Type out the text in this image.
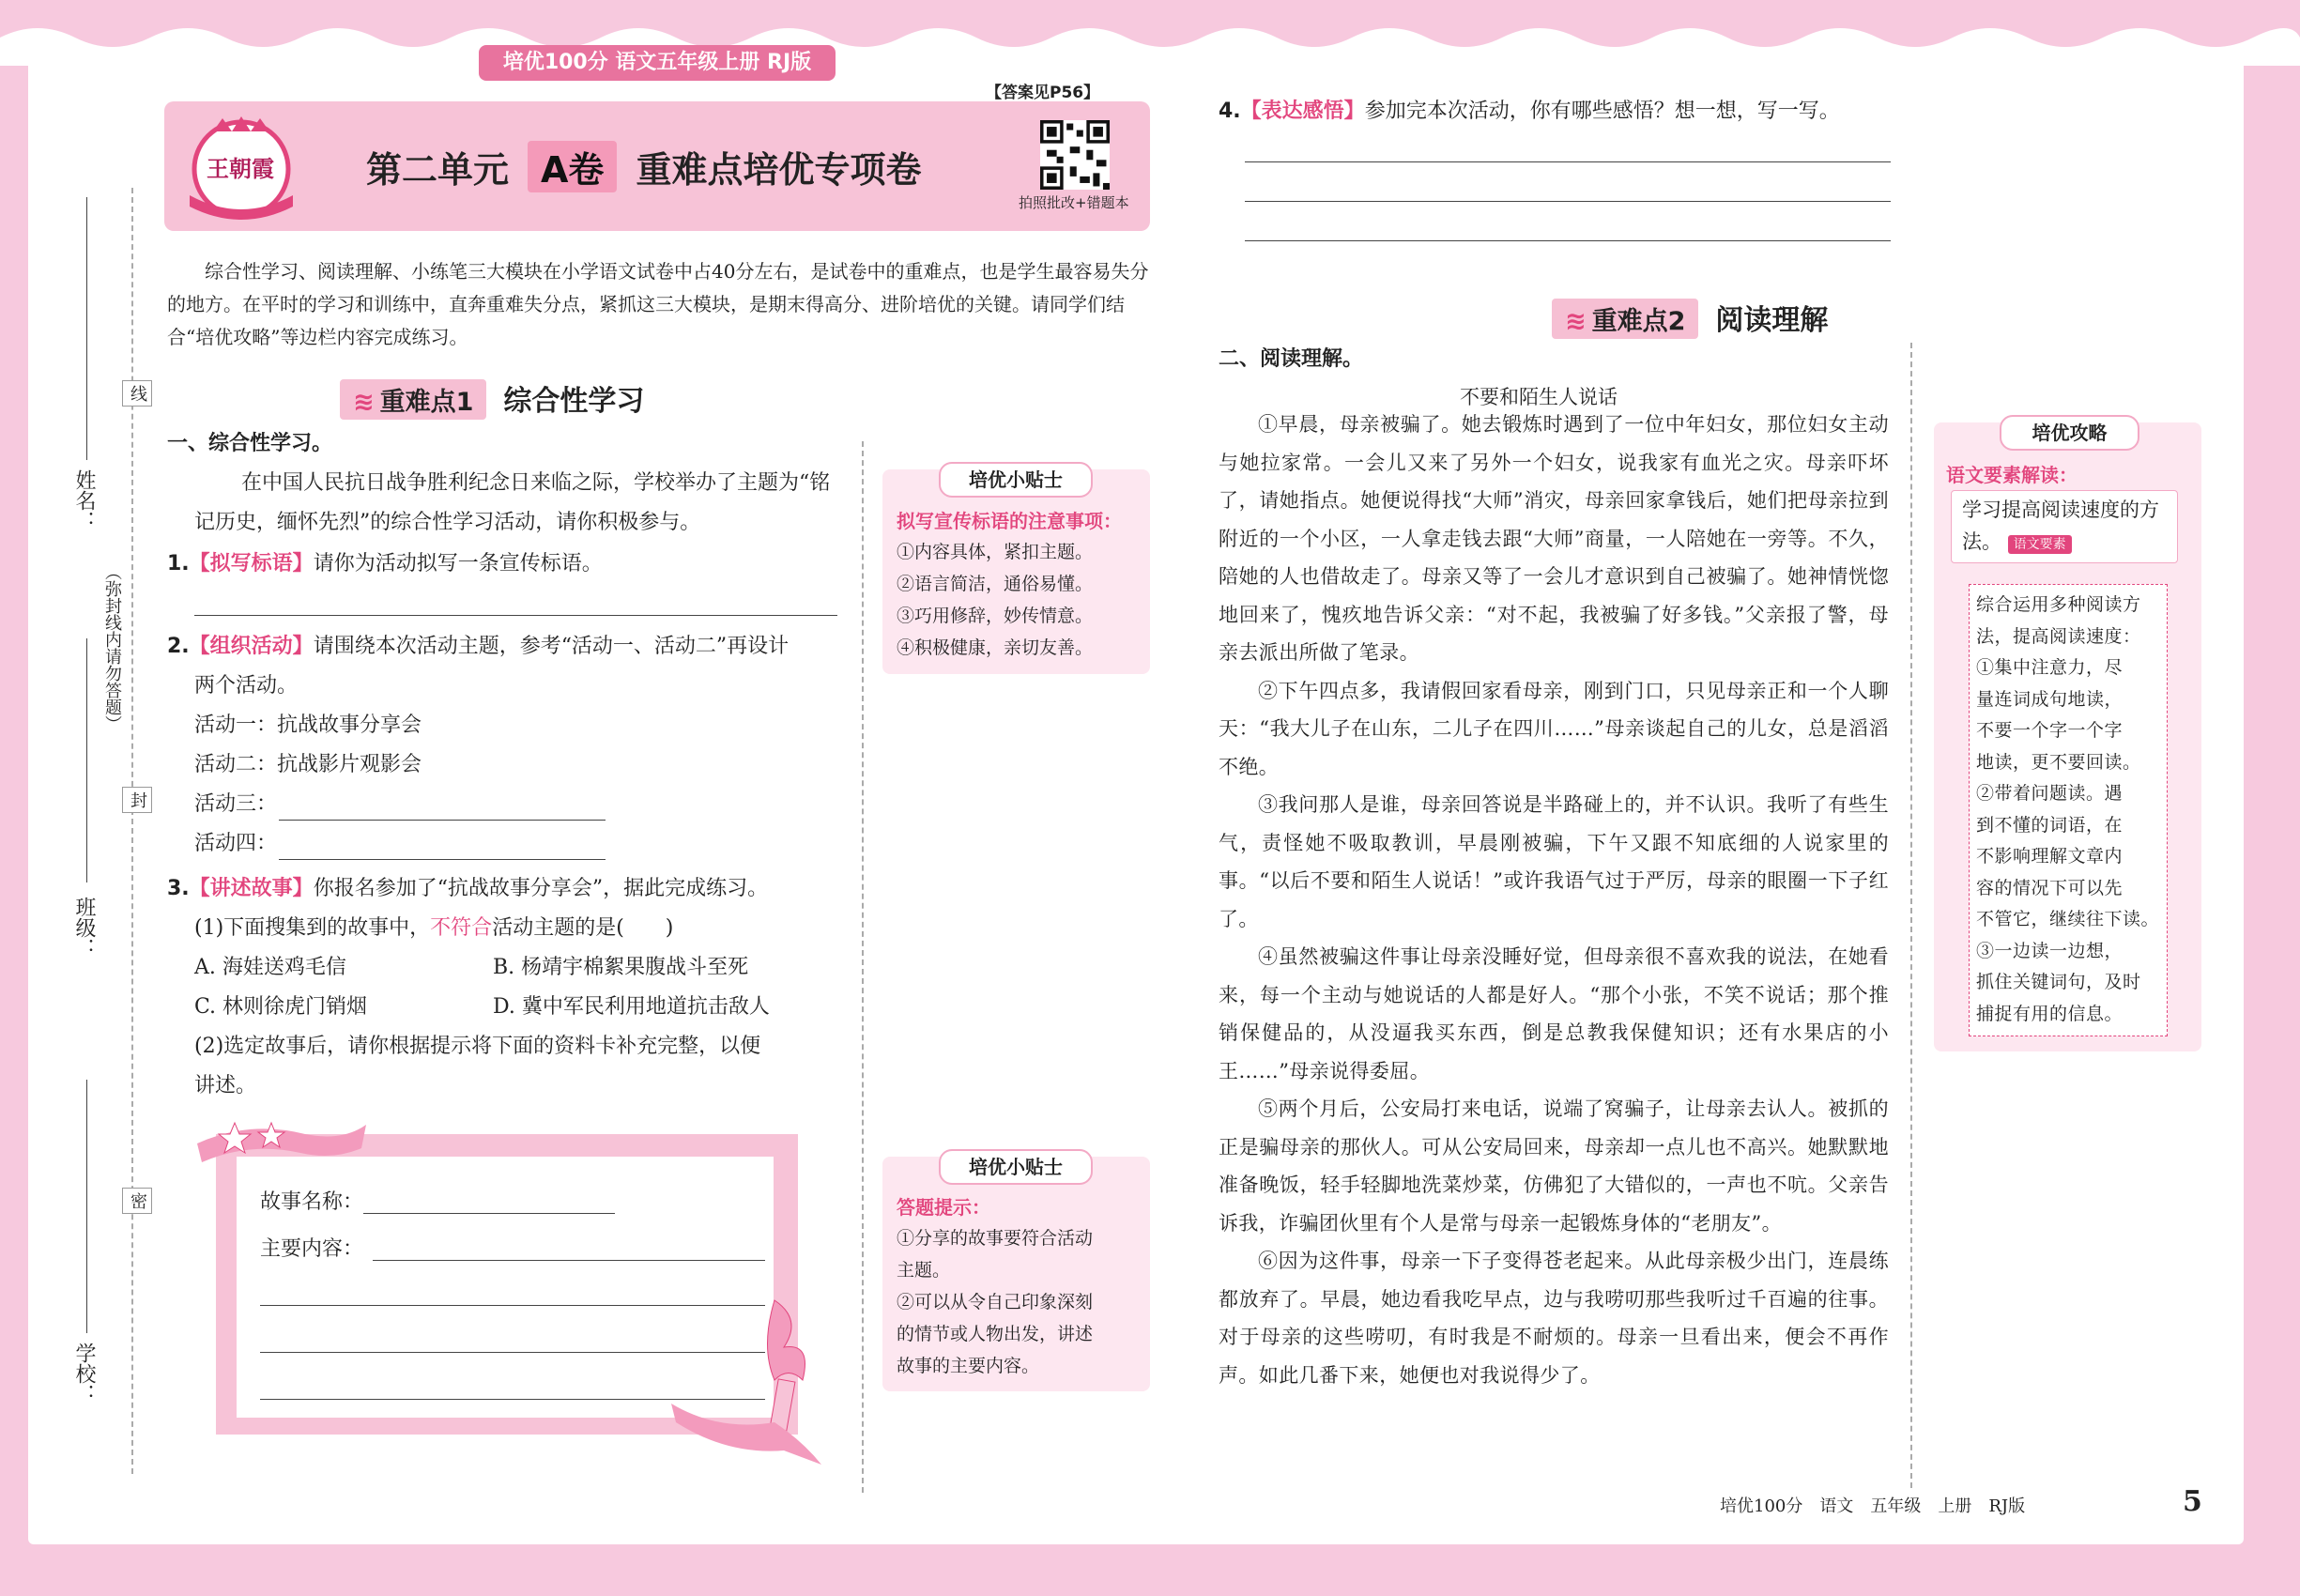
培优100分 语文五年级上册 RJ版
王朝霞	第二单元 A卷 重难点培优专项卷
【答案见P56】
拍照批改+错题本
综合性学习、阅读理解、小练笔三大模块在小学语文试卷中占40分左右，是试卷中的重难点，也是学生最容易失分的地方。在平时的学习和训练中，直奔重难失分点，紧抓这三大模块，是期末得高分、进阶培优的关键。请同学们结合“培优攻略”等边栏内容完成练习。
姓名：
线
（弥封线内请勿答题）
封
班级：
密
学校：
≋ 重难点1 综合性学习
一、综合性学习。
在中国人民抗日战争胜利纪念日来临之际，学校举办了主题为“铭记历史，缅怀先烈”的综合性学习活动，请你积极参与。
1.【拟写标语】请你为活动拟写一条宣传标语。
2.【组织活动】请围绕本次活动主题，参考“活动一、活动二”再设计
两个活动。
活动一：抗战故事分享会
活动二：抗战影片观影会
活动三：
活动四：
3.【讲述故事】你报名参加了“抗战故事分享会”，据此完成练习。
(1)下面搜集到的故事中，不符合活动主题的是(　　)
A. 海娃送鸡毛信	B. 杨靖宇棉絮果腹战斗至死
C. 林则徐虎门销烟	D. 冀中军民利用地道抗击敌人
(2)选定故事后，请你根据提示将下面的资料卡补充完整，以便
讲述。
故事名称：
主要内容：
培优小贴士
拟写宣传标语的注意事项：
①内容具体，紧扣主题。
②语言简洁，通俗易懂。
③巧用修辞，妙传情意。
④积极健康，亲切友善。
培优小贴士
答题提示：
①分享的故事要符合活动
主题。
②可以从令自己印象深刻
的情节或人物出发，讲述
故事的主要内容。
4.【表达感悟】参加完本次活动，你有哪些感悟？想一想，写一写。
≋ 重难点2 阅读理解
二、阅读理解。
不要和陌生人说话

①早晨，母亲被骗了。她去锻炼时遇到了一位中年妇女，那位妇女主动与她拉家常。一会儿又来了另外一个妇女，说我家有血光之灾。母亲吓坏了，请她指点。她便说得找“大师”消灾，母亲回家拿钱后，她们把母亲拉到附近的一个小区，一人拿走钱去跟“大师”商量，一人陪她在一旁等。不久，陪她的人也借故走了。母亲又等了一会儿才意识到自己被骗了。她神情恍惚地回来了，愧疚地告诉父亲：“对不起，我被骗了好多钱。”父亲报了警，母亲去派出所做了笔录。

②下午四点多，我请假回家看母亲，刚到门口，只见母亲正和一个人聊天：“我大儿子在山东，二儿子在四川……”母亲谈起自己的儿女，总是滔滔不绝。

③我问那人是谁，母亲回答说是半路碰上的，并不认识。我听了有些生气，责怪她不吸取教训，早晨刚被骗，下午又跟不知底细的人说家里的事。“以后不要和陌生人说话！”或许我语气过于严厉，母亲的眼圈一下子红了。

④虽然被骗这件事让母亲没睡好觉，但母亲很不喜欢我的说法，在她看来，每一个主动与她说话的人都是好人。“那个小张，不笑不说话；那个推销保健品的，从没逼我买东西，倒是总教我保健知识；还有水果店的小王……”母亲说得委屈。

⑤两个月后，公安局打来电话，说端了窝骗子，让母亲去认人。被抓的正是骗母亲的那伙人。可从公安局回来，母亲却一点儿也不高兴。她默默地准备晚饭，轻手轻脚地洗菜炒菜，仿佛犯了大错似的，一声也不吭。父亲告诉我，诈骗团伙里有个人是常与母亲一起锻炼身体的“老朋友”。

⑥因为这件事，母亲一下子变得苍老起来。从此母亲极少出门，连晨练都放弃了。早晨，她边看我吃早点，边与我唠叨那些我听过千百遍的往事。对于母亲的这些唠叨，有时我是不耐烦的。母亲一旦看出来，便会不再作声。如此几番下来，她便也对我说得少了。

培优攻略
语文要素解读：
学习提高阅读速度的方法。 语文要素
综合运用多种阅读方
法，提高阅读速度：
①集中注意力，尽
量连词成句地读，
不要一个字一个字
地读，更不要回读。
②带着问题读。遇
到不懂的词语，在
不影响理解文章内
容的情况下可以先
不管它，继续往下读。
③一边读一边想，
抓住关键词句，及时
捕捉有用的信息。
培优100分　语文　五年级　上册　RJ版	5
